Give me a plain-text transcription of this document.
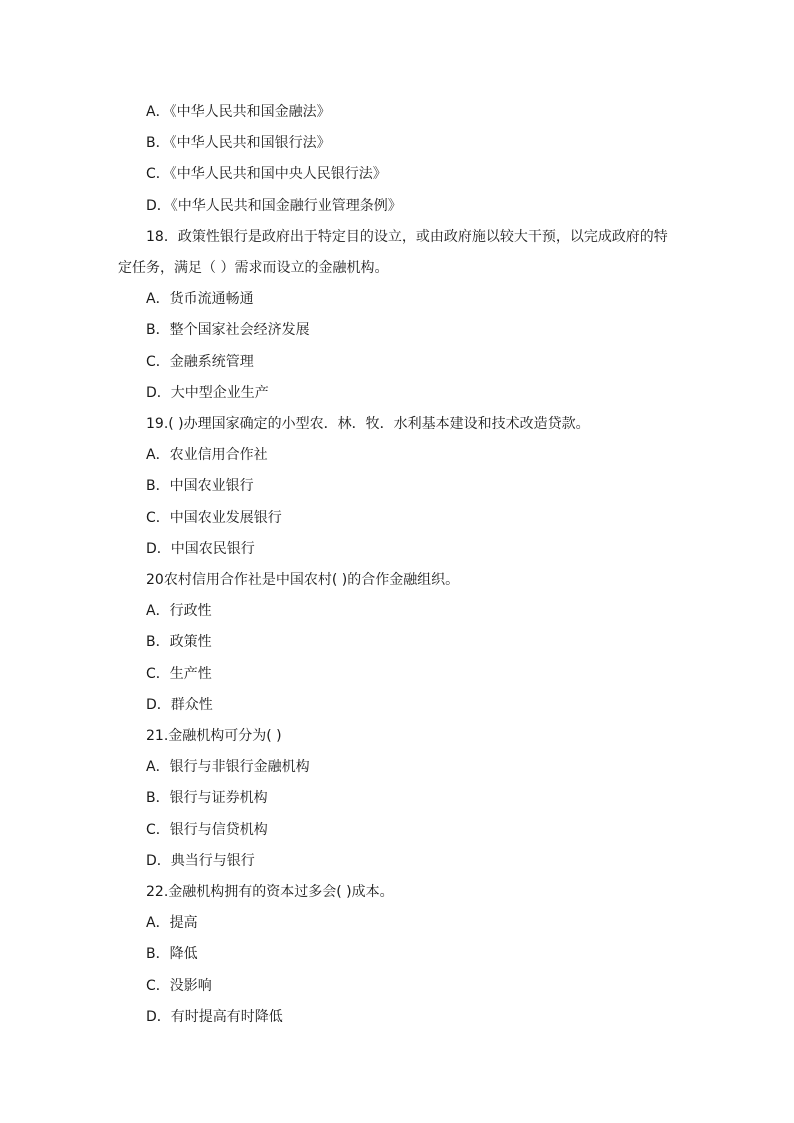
A．《中华人民共和国金融法》
B．《中华人民共和国银行法》
C．《中华人民共和国中央人民银行法》
D．《中华人民共和国金融行业管理条例》
18．政策性银行是政府出于特定目的设立，或由政府施以较大干预，以完成政府的特
定任务，满足（ ）需求而设立的金融机构。
A．货币流通畅通
B．整个国家社会经济发展
C．金融系统管理
D．大中型企业生产
19.( )办理国家确定的小型农．林．牧．水利基本建设和技术改造贷款。
A．农业信用合作社
B．中国农业银行
C．中国农业发展银行
D．中国农民银行
20农村信用合作社是中国农村( )的合作金融组织。
A．行政性
B．政策性
C．生产性
D．群众性
21.金融机构可分为( )
A．银行与非银行金融机构
B．银行与证券机构
C．银行与信贷机构
D．典当行与银行
22.金融机构拥有的资本过多会( )成本。
A．提高
B．降低
C．没影响
D．有时提高有时降低
